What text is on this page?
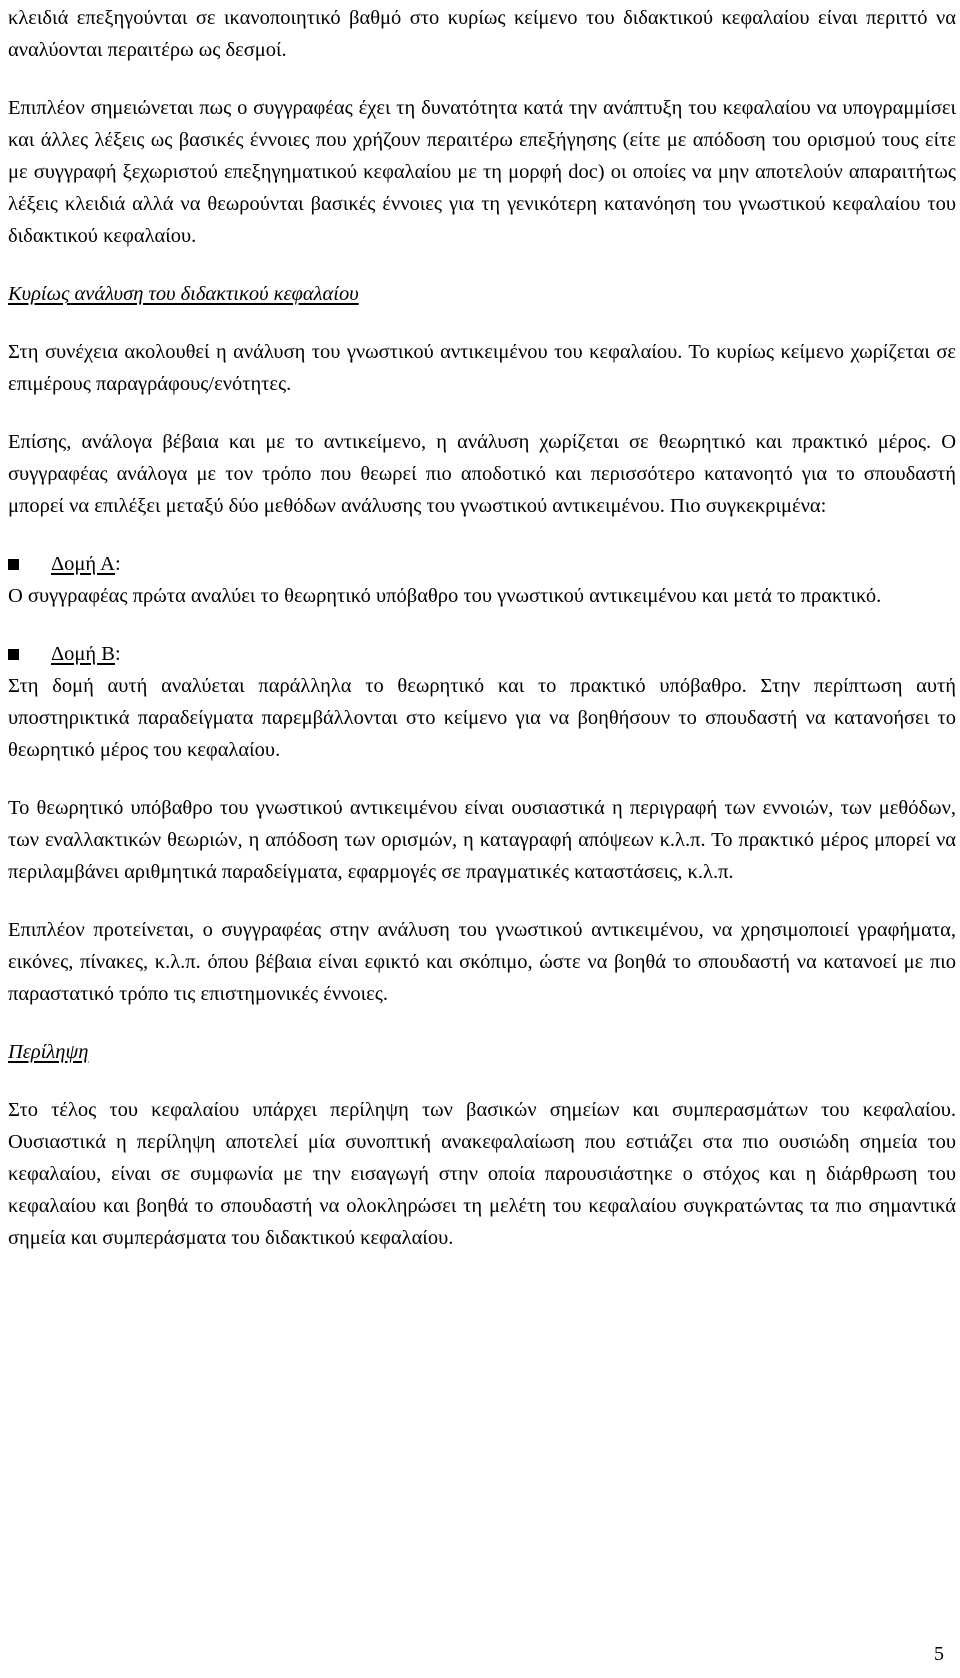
κλειδιά επεξηγούνται σε ικανοποιητικό βαθμό στο κυρίως κείμενο του διδακτικού κεφαλαίου είναι περιττό να αναλύονται περαιτέρω ως δεσμοί.

Επιπλέον σημειώνεται πως ο συγγραφέας έχει τη δυνατότητα κατά την ανάπτυξη του κεφαλαίου να υπογραμμίσει και άλλες λέξεις ως βασικές έννοιες που χρήζουν περαιτέρω επεξήγησης (είτε με απόδοση του ορισμού τους είτε με συγγραφή ξεχωριστού επεξηγηματικού κεφαλαίου με τη μορφή doc) οι οποίες να μην αποτελούν απαραιτήτως λέξεις κλειδιά αλλά να θεωρούνται βασικές έννοιες για τη γενικότερη κατανόηση του γνωστικού κεφαλαίου του διδακτικού κεφαλαίου.

Κυρίως ανάλυση του διδακτικού κεφαλαίου

Στη συνέχεια ακολουθεί η ανάλυση του γνωστικού αντικειμένου του κεφαλαίου. Το κυρίως κείμενο χωρίζεται σε επιμέρους παραγράφους/ενότητες.

Επίσης, ανάλογα βέβαια και με το αντικείμενο, η ανάλυση χωρίζεται σε θεωρητικό και πρακτικό μέρος. Ο συγγραφέας ανάλογα με τον τρόπο που θεωρεί πιο αποδοτικό και περισσότερο κατανοητό για το σπουδαστή μπορεί να επιλέξει μεταξύ δύο μεθόδων ανάλυσης του γνωστικού αντικειμένου. Πιο συγκεκριμένα:

Δομή Α:

Ο συγγραφέας πρώτα αναλύει το θεωρητικό υπόβαθρο του γνωστικού αντικειμένου και μετά το πρακτικό.

Δομή Β:

Στη δομή αυτή αναλύεται παράλληλα το θεωρητικό και το πρακτικό υπόβαθρο. Στην περίπτωση αυτή υποστηρικτικά παραδείγματα παρεμβάλλονται στο κείμενο για να βοηθήσουν το σπουδαστή να κατανοήσει το θεωρητικό μέρος του κεφαλαίου.

Το θεωρητικό υπόβαθρο του γνωστικού αντικειμένου είναι ουσιαστικά η περιγραφή των εννοιών, των μεθόδων, των εναλλακτικών θεωριών, η απόδοση των ορισμών, η καταγραφή απόψεων κ.λ.π. Το πρακτικό μέρος μπορεί να περιλαμβάνει αριθμητικά παραδείγματα, εφαρμογές σε πραγματικές καταστάσεις, κ.λ.π.

Επιπλέον προτείνεται, ο συγγραφέας στην ανάλυση του γνωστικού αντικειμένου, να χρησιμοποιεί γραφήματα, εικόνες, πίνακες, κ.λ.π. όπου βέβαια είναι εφικτό και σκόπιμο, ώστε να βοηθά το σπουδαστή να κατανοεί με πιο παραστατικό τρόπο τις επιστημονικές έννοιες.

Περίληψη

Στο τέλος του κεφαλαίου υπάρχει περίληψη των βασικών σημείων και συμπερασμάτων του κεφαλαίου. Ουσιαστικά η περίληψη αποτελεί μία συνοπτική ανακεφαλαίωση που εστιάζει στα πιο ουσιώδη σημεία του κεφαλαίου, είναι σε συμφωνία με την εισαγωγή στην οποία παρουσιάστηκε ο στόχος και η διάρθρωση του κεφαλαίου και βοηθά το σπουδαστή να ολοκληρώσει τη μελέτη του κεφαλαίου συγκρατώντας τα πιο σημαντικά σημεία και συμπεράσματα του διδακτικού κεφαλαίου.

5
